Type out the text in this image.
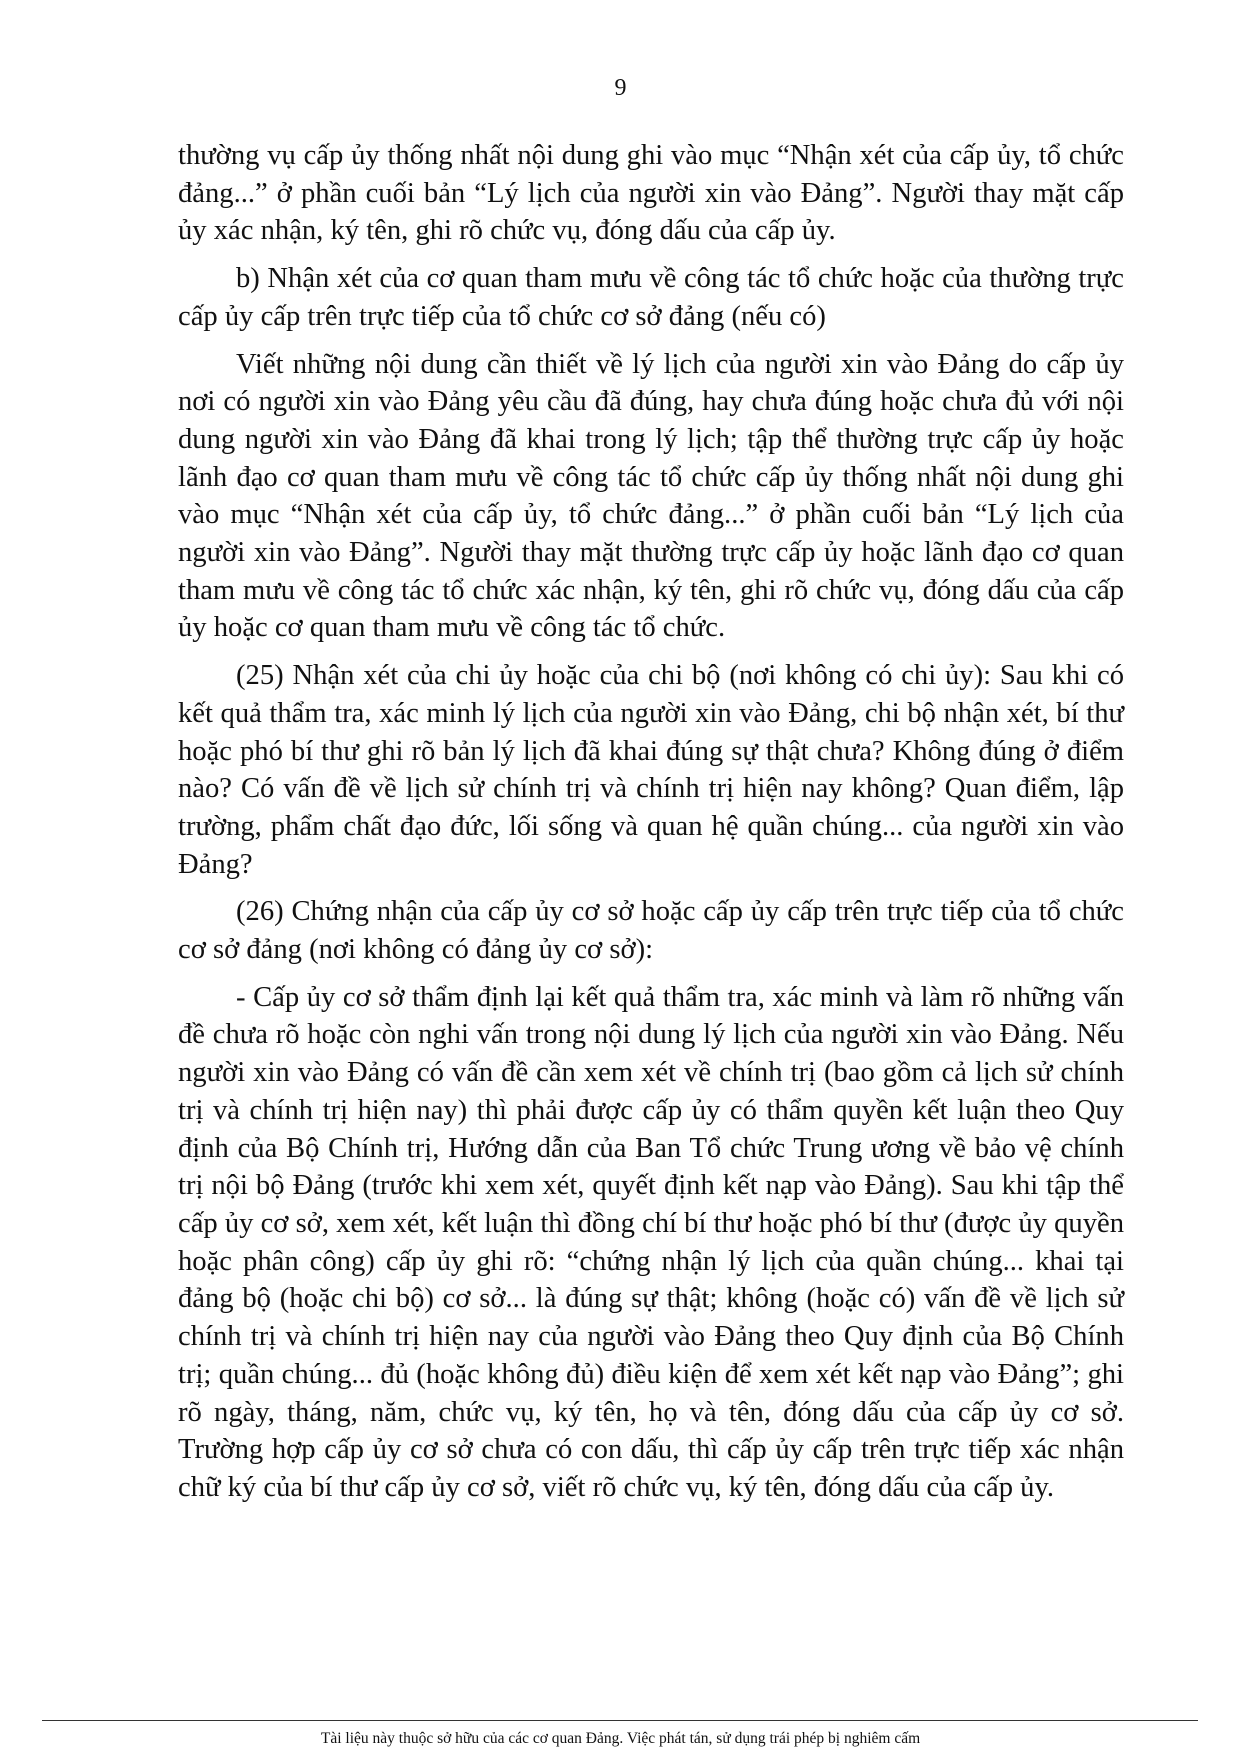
9

thường vụ cấp ủy thống nhất nội dung ghi vào mục “Nhận xét của cấp ủy, tổ chức đảng...” ở phần cuối bản “Lý lịch của người xin vào Đảng”. Người thay mặt cấp ủy xác nhận, ký tên, ghi rõ chức vụ, đóng dấu của cấp ủy.

b) Nhận xét của cơ quan tham mưu về công tác tổ chức hoặc của thường trực cấp ủy cấp trên trực tiếp của tổ chức cơ sở đảng (nếu có)

Viết những nội dung cần thiết về lý lịch của người xin vào Đảng do cấp ủy nơi có người xin vào Đảng yêu cầu đã đúng, hay chưa đúng hoặc chưa đủ với nội dung người xin vào Đảng đã khai trong lý lịch; tập thể thường trực cấp ủy hoặc lãnh đạo cơ quan tham mưu về công tác tổ chức cấp ủy thống nhất nội dung ghi vào mục “Nhận xét của cấp ủy, tổ chức đảng...” ở phần cuối bản “Lý lịch của người xin vào Đảng”. Người thay mặt thường trực cấp ủy hoặc lãnh đạo cơ quan tham mưu về công tác tổ chức xác nhận, ký tên, ghi rõ chức vụ, đóng dấu của cấp ủy hoặc cơ quan tham mưu về công tác tổ chức.

(25) Nhận xét của chi ủy hoặc của chi bộ (nơi không có chi ủy): Sau khi có kết quả thẩm tra, xác minh lý lịch của người xin vào Đảng, chi bộ nhận xét, bí thư hoặc phó bí thư ghi rõ bản lý lịch đã khai đúng sự thật chưa? Không đúng ở điểm nào? Có vấn đề về lịch sử chính trị và chính trị hiện nay không? Quan điểm, lập trường, phẩm chất đạo đức, lối sống và quan hệ quần chúng... của người xin vào Đảng?

(26) Chứng nhận của cấp ủy cơ sở hoặc cấp ủy cấp trên trực tiếp của tổ chức cơ sở đảng (nơi không có đảng ủy cơ sở):

- Cấp ủy cơ sở thẩm định lại kết quả thẩm tra, xác minh và làm rõ những vấn đề chưa rõ hoặc còn nghi vấn trong nội dung lý lịch của người xin vào Đảng. Nếu người xin vào Đảng có vấn đề cần xem xét về chính trị (bao gồm cả lịch sử chính trị và chính trị hiện nay) thì phải được cấp ủy có thẩm quyền kết luận theo Quy định của Bộ Chính trị, Hướng dẫn của Ban Tổ chức Trung ương về bảo vệ chính trị nội bộ Đảng (trước khi xem xét, quyết định kết nạp vào Đảng). Sau khi tập thể cấp ủy cơ sở, xem xét, kết luận thì đồng chí bí thư hoặc phó bí thư (được ủy quyền hoặc phân công) cấp ủy ghi rõ: “chứng nhận lý lịch của quần chúng... khai tại đảng bộ (hoặc chi bộ) cơ sở... là đúng sự thật; không (hoặc có) vấn đề về lịch sử chính trị và chính trị hiện nay của người vào Đảng theo Quy định của Bộ Chính trị; quần chúng... đủ (hoặc không đủ) điều kiện để xem xét kết nạp vào Đảng”; ghi rõ ngày, tháng, năm, chức vụ, ký tên, họ và tên, đóng dấu của cấp ủy cơ sở. Trường hợp cấp ủy cơ sở chưa có con dấu, thì cấp ủy cấp trên trực tiếp xác nhận chữ ký của bí thư cấp ủy cơ sở, viết rõ chức vụ, ký tên, đóng dấu của cấp ủy.

Tài liệu này thuộc sở hữu của các cơ quan Đảng. Việc phát tán, sử dụng trái phép bị nghiêm cấm
